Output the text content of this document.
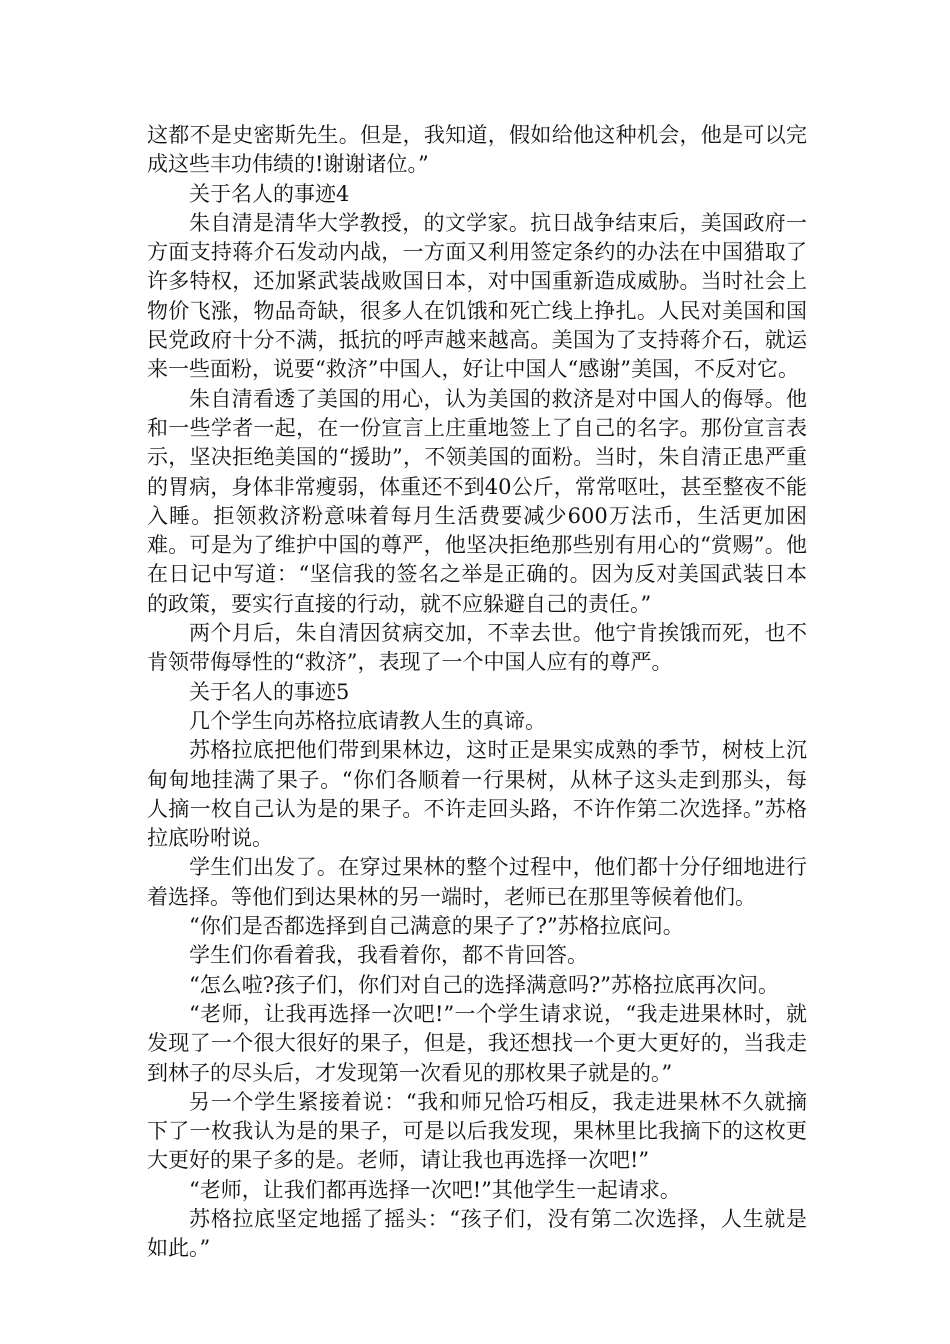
这都不是史密斯先生。但是，我知道，假如给他这种机会，他是可以完成这些丰功伟绩的!谢谢诸位。”

关于名人的事迹4

朱自清是清华大学教授，的文学家。抗日战争结束后，美国政府一方面支持蒋介石发动内战，一方面又利用签定条约的办法在中国猎取了许多特权，还加紧武装战败国日本，对中国重新造成威胁。当时社会上物价飞涨，物品奇缺，很多人在饥饿和死亡线上挣扎。人民对美国和国民党政府十分不满，抵抗的呼声越来越高。美国为了支持蒋介石，就运来一些面粉，说要“救济”中国人，好让中国人“感谢”美国，不反对它。

朱自清看透了美国的用心，认为美国的救济是对中国人的侮辱。他和一些学者一起，在一份宣言上庄重地签上了自己的名字。那份宣言表示，坚决拒绝美国的“援助”，不领美国的面粉。当时，朱自清正患严重的胃病，身体非常瘦弱，体重还不到40公斤，常常呕吐，甚至整夜不能入睡。拒领救济粉意味着每月生活费要减少600万法币，生活更加困难。可是为了维护中国的尊严，他坚决拒绝那些别有用心的“赏赐”。他在日记中写道：“坚信我的签名之举是正确的。因为反对美国武装日本的政策，要实行直接的行动，就不应躲避自己的责任。”

两个月后，朱自清因贫病交加，不幸去世。他宁肯挨饿而死，也不肯领带侮辱性的“救济”，表现了一个中国人应有的尊严。

关于名人的事迹5

几个学生向苏格拉底请教人生的真谛。

苏格拉底把他们带到果林边，这时正是果实成熟的季节，树枝上沉甸甸地挂满了果子。“你们各顺着一行果树，从林子这头走到那头，每人摘一枚自己认为是的果子。不许走回头路，不许作第二次选择。”苏格拉底吩咐说。

学生们出发了。在穿过果林的整个过程中，他们都十分仔细地进行着选择。等他们到达果林的另一端时，老师已在那里等候着他们。

“你们是否都选择到自己满意的果子了?”苏格拉底问。

学生们你看着我，我看着你，都不肯回答。

“怎么啦?孩子们，你们对自己的选择满意吗?”苏格拉底再次问。

“老师，让我再选择一次吧!”一个学生请求说，“我走进果林时，就发现了一个很大很好的果子，但是，我还想找一个更大更好的，当我走到林子的尽头后，才发现第一次看见的那枚果子就是的。”

另一个学生紧接着说：“我和师兄恰巧相反，我走进果林不久就摘下了一枚我认为是的果子，可是以后我发现，果林里比我摘下的这枚更大更好的果子多的是。老师，请让我也再选择一次吧!”

“老师，让我们都再选择一次吧!”其他学生一起请求。

苏格拉底坚定地摇了摇头：“孩子们，没有第二次选择，人生就是如此。”
